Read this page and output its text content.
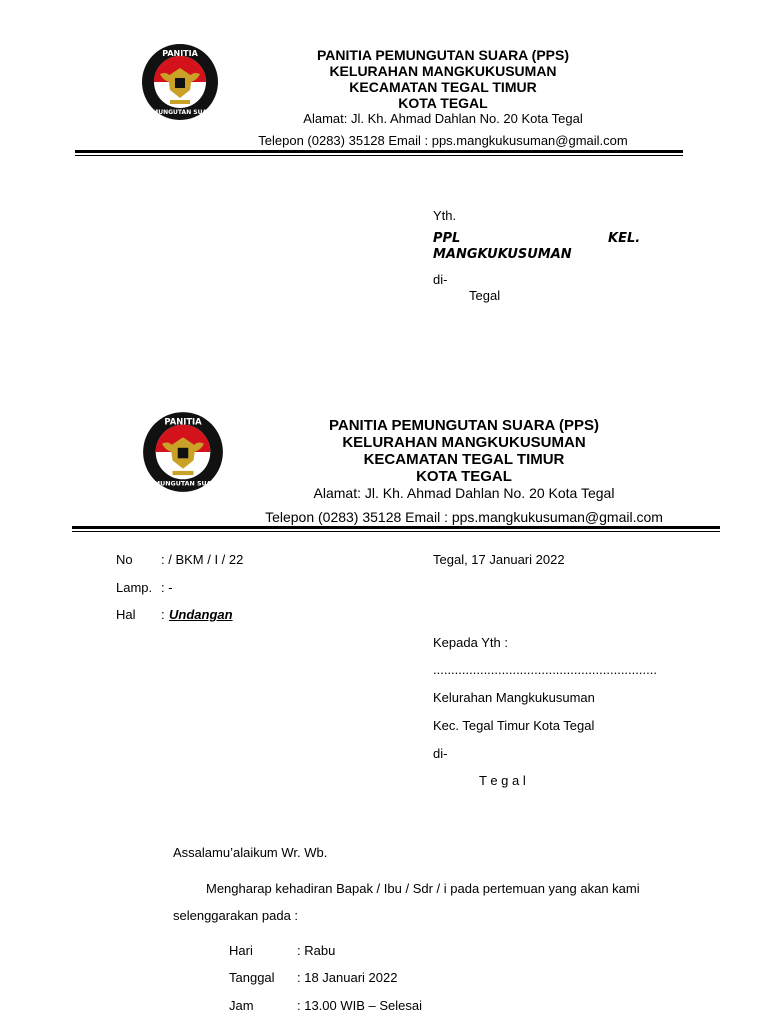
PANITIA
PEMUNGUTAN SUARA
PANITIA PEMUNGUTAN SUARA (PPS)
KELURAHAN MANGKUKUSUMAN
KECAMATAN TEGAL TIMUR
KOTA TEGAL
Alamat: Jl. Kh. Ahmad Dahlan No. 20 Kota Tegal
Telepon (0283) 35128 Email : pps.mangkukusuman@gmail.com
Yth.
PPL	KEL.
MANGKUKUSUMAN
di-
Tegal
PANITIA
PEMUNGUTAN SUARA
PANITIA PEMUNGUTAN SUARA (PPS)
KELURAHAN MANGKUKUSUMAN
KECAMATAN TEGAL TIMUR
KOTA TEGAL
Alamat: Jl. Kh. Ahmad Dahlan No. 20 Kota Tegal
Telepon (0283) 35128 Email : pps.mangkukusuman@gmail.com
No : / BKM / I / 22
Lamp. : -
Hal : Undangan
Tegal, 17 Januari 2022
Kepada Yth :
..............................................................
Kelurahan Mangkukusuman
Kec. Tegal Timur Kota Tegal
di-
T e g a l
Assalamu’alaikum Wr. Wb.
Mengharap kehadiran Bapak / Ibu / Sdr / i pada pertemuan yang akan kami
selenggarakan pada :
Hari	: Rabu
Tanggal : 18 Januari 2022
Jam	: 13.00 WIB – Selesai
